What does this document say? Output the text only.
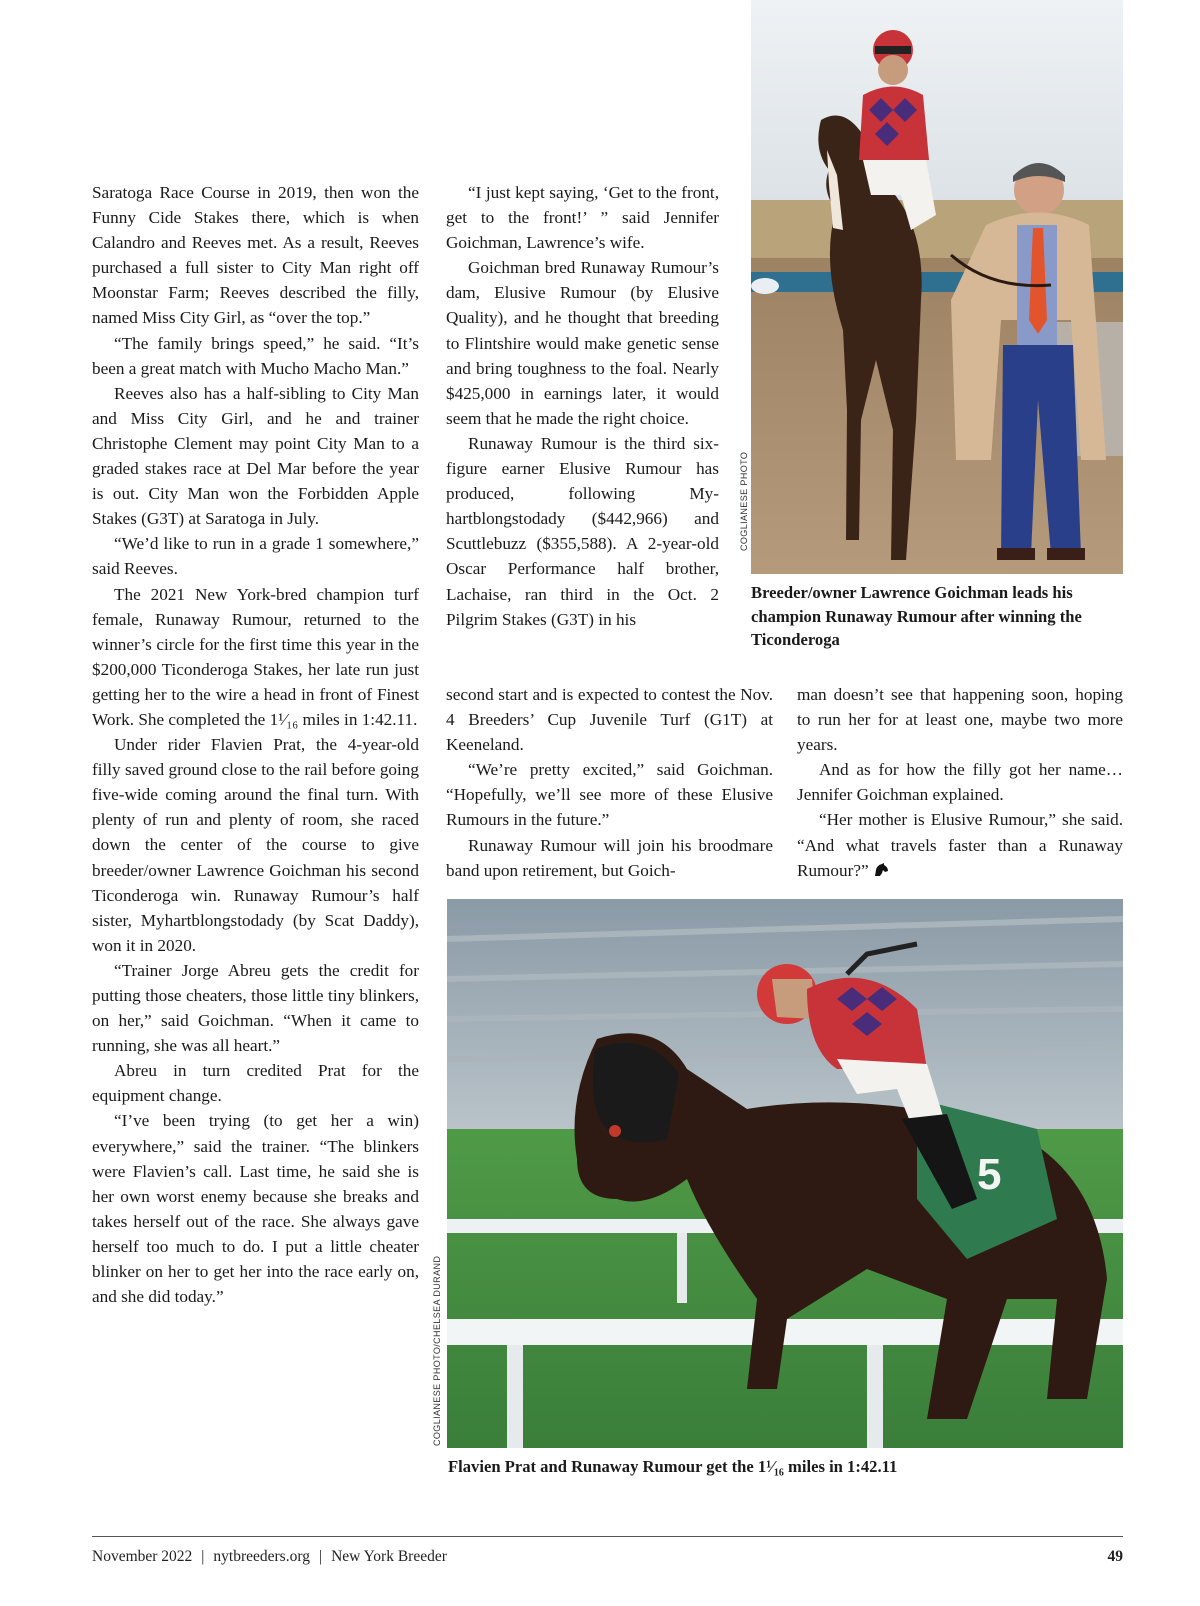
Saratoga Race Course in 2019, then won the Funny Cide Stakes there, which is when Calandro and Reeves met. As a result, Reeves purchased a full sister to City Man right off Moonstar Farm; Reeves described the filly, named Miss City Girl, as “over the top.”

“The family brings speed,” he said. “It’s been a great match with Mucho Macho Man.”

Reeves also has a half-sibling to City Man and Miss City Girl, and he and trainer Christophe Clement may point City Man to a graded stakes race at Del Mar before the year is out. City Man won the Forbidden Apple Stakes (G3T) at Saratoga in July.

“We’d like to run in a grade 1 somewhere,” said Reeves.

The 2021 New York-bred champion turf female, Runaway Rumour, returned to the winner’s circle for the first time this year in the $200,000 Ticonderoga Stakes, her late run just getting her to the wire a head in front of Finest Work. She completed the 1¹⁄₁₆ miles in 1:42.11.

Under rider Flavien Prat, the 4-year-old filly saved ground close to the rail before going five-wide coming around the final turn. With plenty of run and plenty of room, she raced down the center of the course to give breeder/owner Lawrence Goichman his second Ticonderoga win. Runaway Rumour’s half sister, Myhartblongstodady (by Scat Daddy), won it in 2020.

“Trainer Jorge Abreu gets the credit for putting those cheaters, those little tiny blinkers, on her,” said Goichman. “When it came to running, she was all heart.”

Abreu in turn credited Prat for the equipment change.

“I’ve been trying (to get her a win) everywhere,” said the trainer. “The blinkers were Flavien’s call. Last time, he said she is her own worst enemy because she breaks and takes herself out of the race. She always gave herself too much to do. I put a little cheater blinker on her to get her into the race early on, and she did today.”

“I just kept saying, ‘Get to the front, get to the front!’ ” said Jennifer Goichman, Lawrence’s wife.

Goichman bred Runaway Rumour’s dam, Elusive Rumour (by Elusive Quality), and he thought that breeding to Flintshire would make genetic sense and bring toughness to the foal. Nearly $425,000 in earnings later, it would seem that he made the right choice.

Runaway Rumour is the third six-figure earner Elusive Rumour has produced, following Myhartblongstodady ($442,966) and Scuttlebuzz ($355,588). A 2-year-old Oscar Performance half brother, Lachaise, ran third in the Oct. 2 Pilgrim Stakes (G3T) in his

second start and is expected to contest the Nov. 4 Breeders’ Cup Juvenile Turf (G1T) at Keeneland.

“We’re pretty excited,” said Goichman. “Hopefully, we’ll see more of these Elusive Rumours in the future.”

Runaway Rumour will join his broodmare band upon retirement, but Goich-

man doesn’t see that happening soon, hoping to run her for at least one, maybe two more years.

And as for how the filly got her name…Jennifer Goichman explained.

“Her mother is Elusive Rumour,” she said. “And what travels faster than a Runaway Rumour?”

COGLIANESE PHOTO
Breeder/owner Lawrence Goichman leads his champion Runaway Rumour after winning the Ticonderoga
5
COGLIANESE PHOTO/CHELSEA DURAND
Flavien Prat and Runaway Rumour get the 1¹⁄₁₆ miles in 1:42.11
November 2022 | nytbreeders.org | New York Breeder	49
